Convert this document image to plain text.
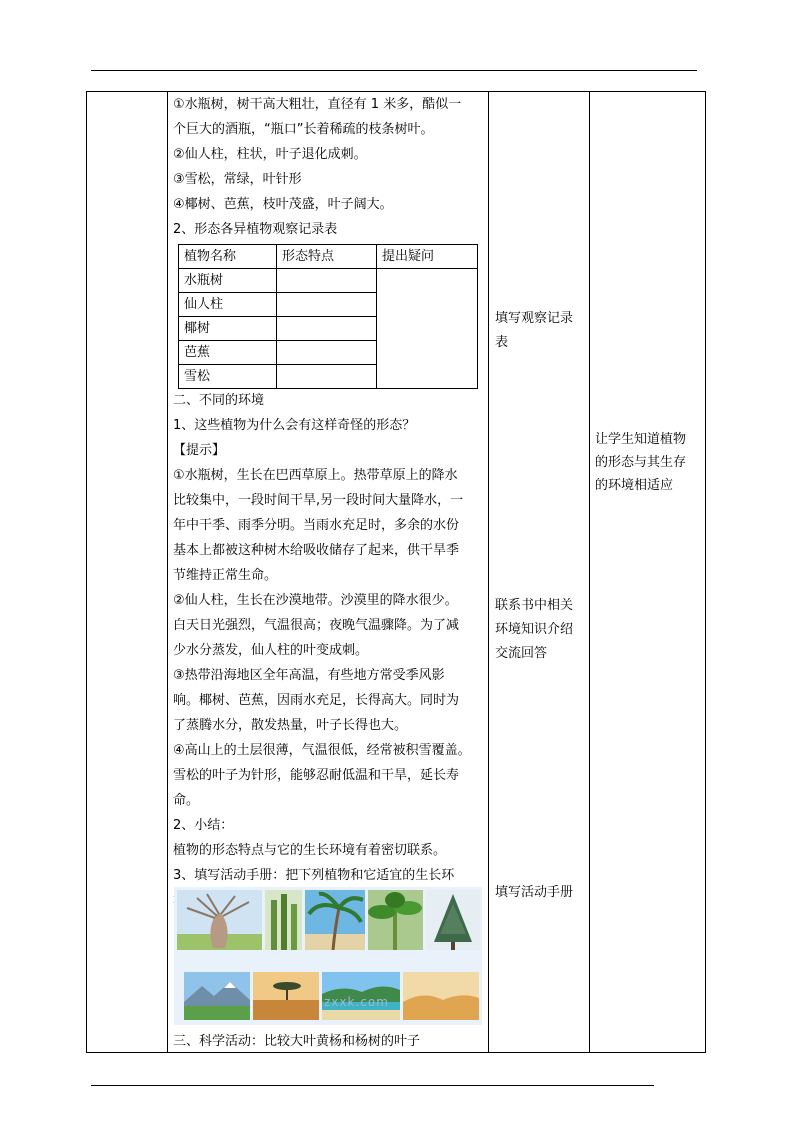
①水瓶树，树干高大粗壮，直径有 1 米多，酷似一

个巨大的酒瓶，“瓶口”长着稀疏的枝条树叶。

②仙人柱，柱状，叶子退化成刺。

③雪松，常绿，叶针形

④椰树、芭蕉，枝叶茂盛，叶子阔大。

2、形态各异植物观察记录表

植物名称	形态特点	提出疑问
水瓶树		
仙人柱		
椰树		
芭蕉		
雪松		

二、不同的环境

1、这些植物为什么会有这样奇怪的形态？

【提示】

①水瓶树，生长在巴西草原上。热带草原上的降水

比较集中，一段时间干旱,另一段时间大量降水，一

年中干季、雨季分明。当雨水充足时，多余的水份

基本上都被这种树木给吸收储存了起来，供干旱季

节维持正常生命。

②仙人柱，生长在沙漠地带。沙漠里的降水很少。

白天日光强烈，气温很高；夜晚气温骤降。为了减

少水分蒸发，仙人柱的叶变成刺。

③热带沿海地区全年高温，有些地方常受季风影

响。椰树、芭蕉，因雨水充足，长得高大。同时为

了蒸腾水分，散发热量，叶子长得也大。

④高山上的土层很薄，气温很低，经常被积雪覆盖。

雪松的叶子为针形，能够忍耐低温和干旱，延长寿

命。

2、小结：

植物的形态特点与它的生长环境有着密切联系。

3、填写活动手册：把下列植物和它适宜的生长环

zxxk.com

三、科学活动：比较大叶黄杨和杨树的叶子

填写观察记录
表
联系书中相关
环境知识介绍
交流回答
填写活动手册
让学生知道植物
的形态与其生存
的环境相适应
